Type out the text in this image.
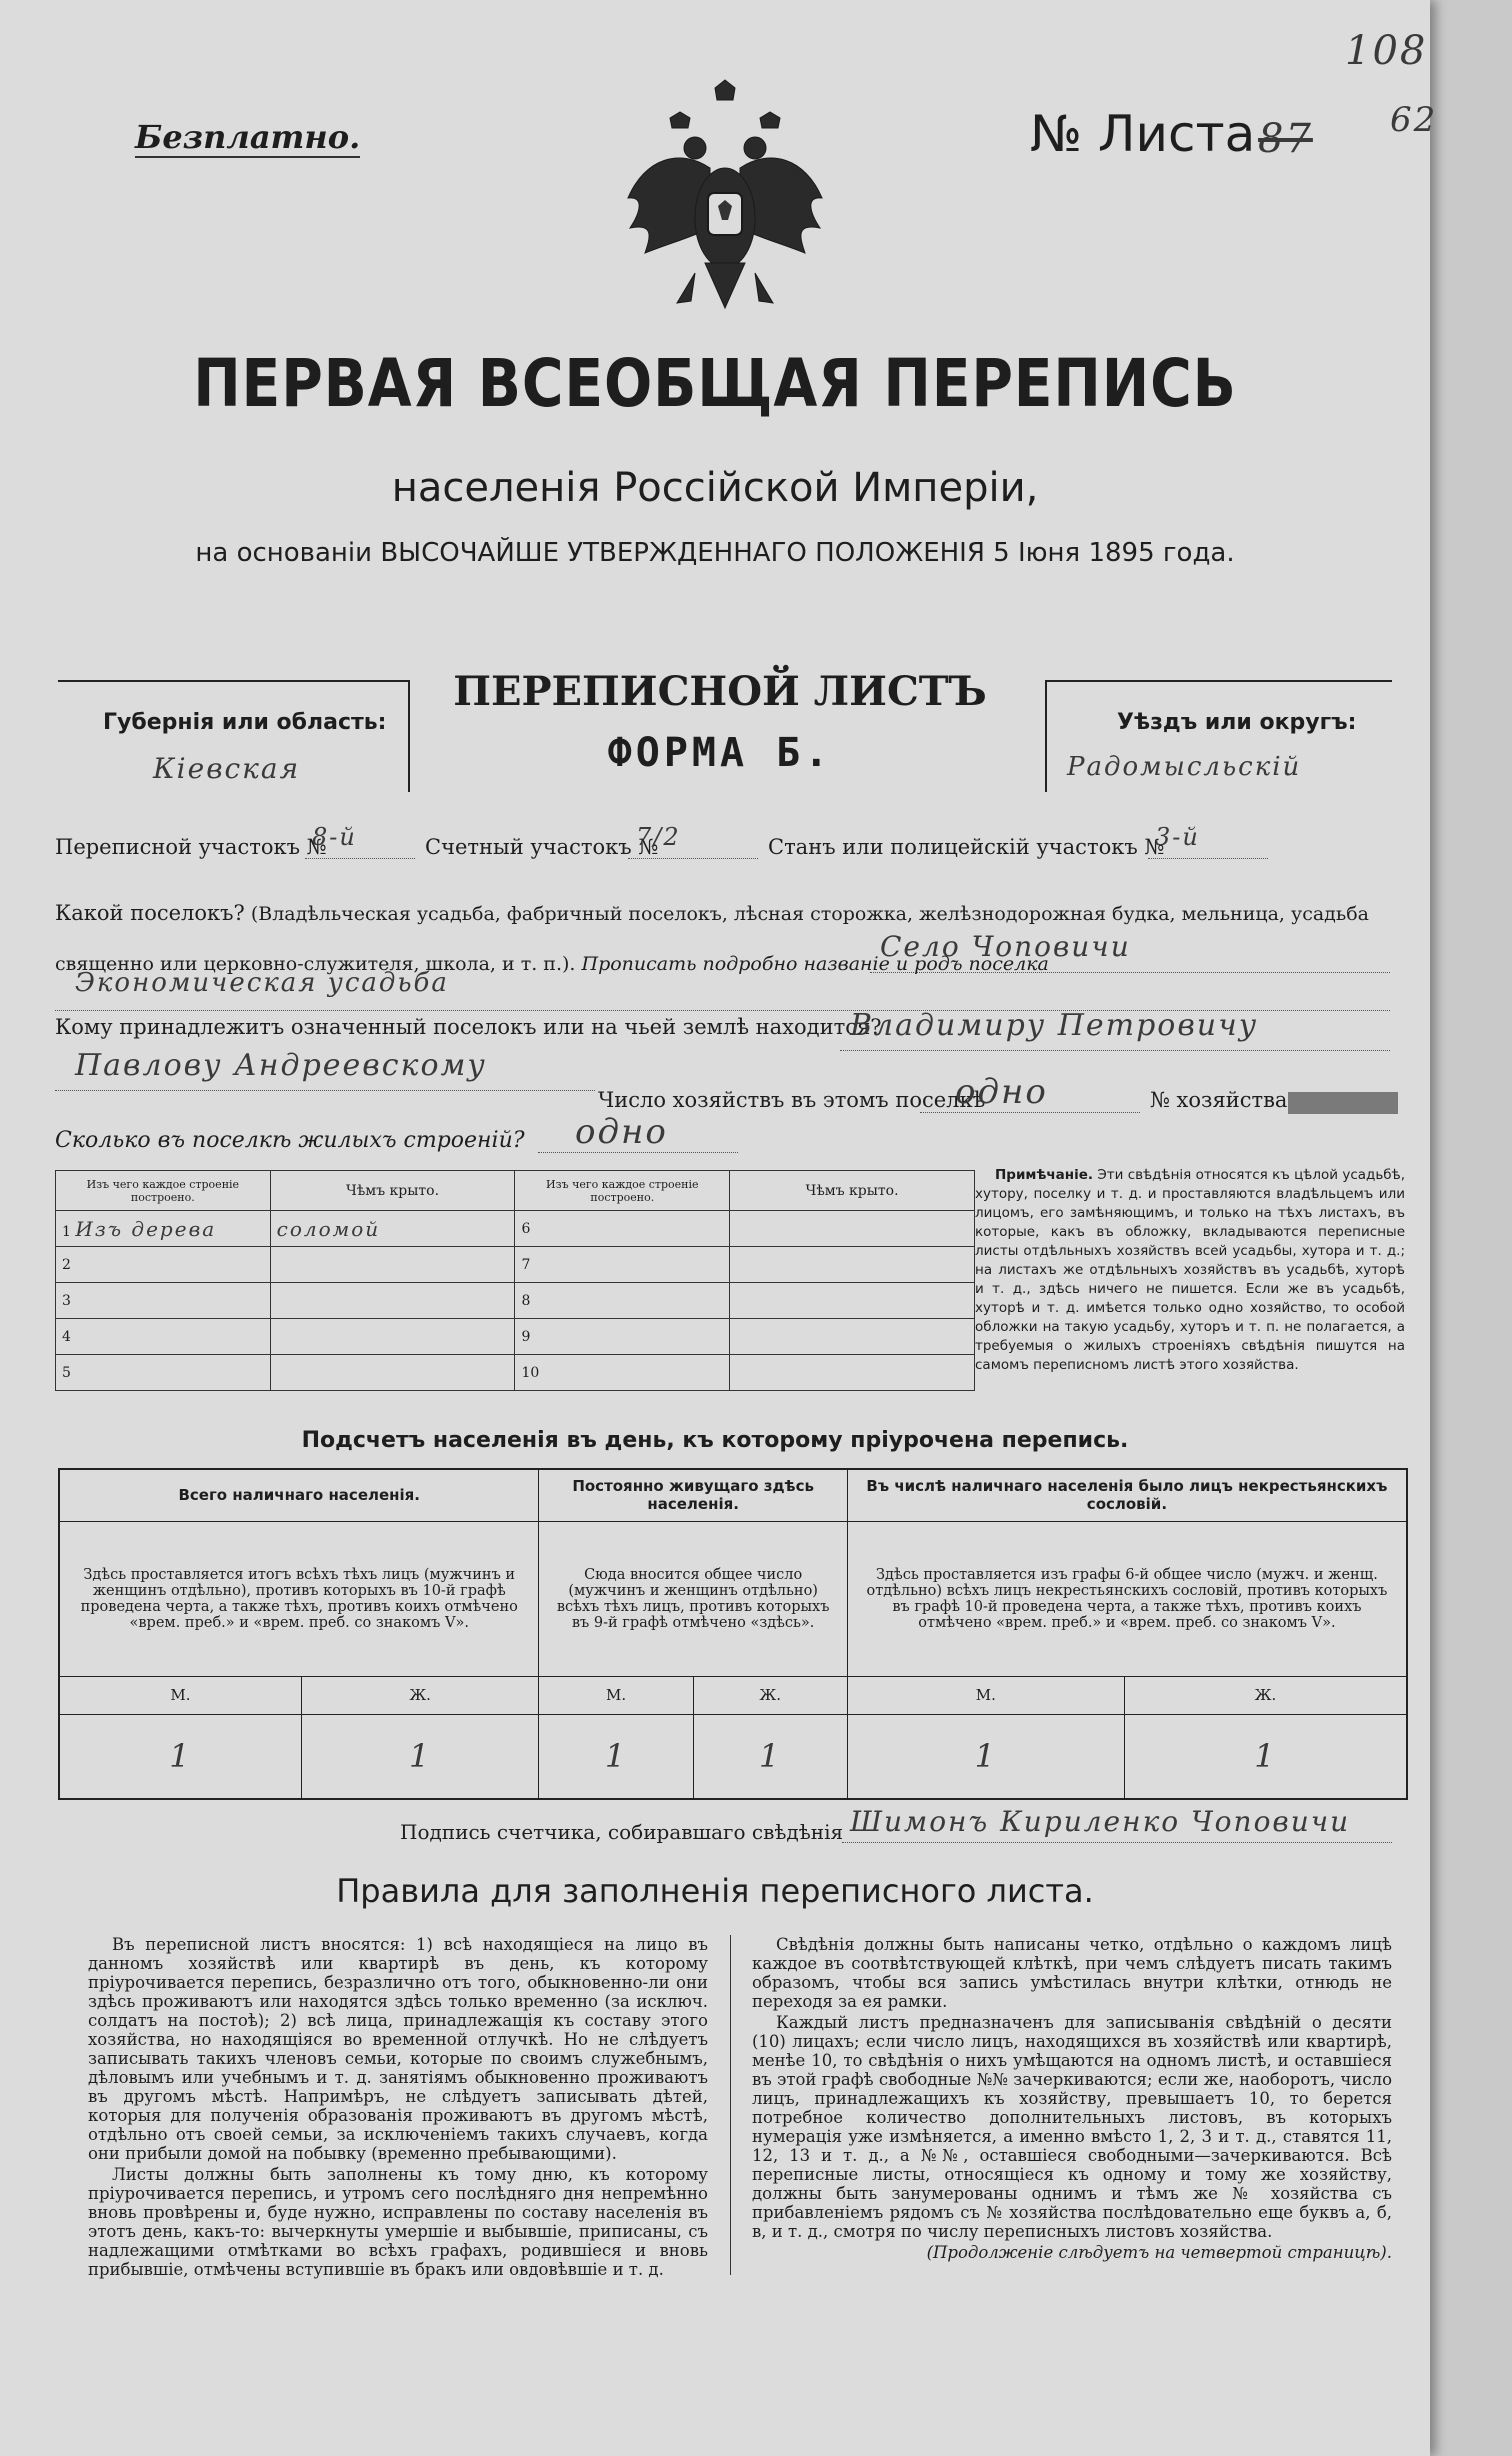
108
62
Безплатно.	№ Листа 87
ПЕРВАЯ ВСЕОБЩАЯ ПЕРЕПИСЬ
населенія Россійской Имперіи,
на основаніи ВЫСОЧАЙШЕ УТВЕРЖДЕННАГО ПОЛОЖЕНІЯ 5 Іюня 1895 года.
Губернія или область:
Кіевская
ПЕРЕПИСНОЙ ЛИСТЪ
ФОРМА Б.
Уѣздъ или округъ:
Радомысльскій
Переписной участокъ №
8-й	Счетный участокъ №
7/2	Станъ или полицейскій участокъ №
3-й
Какой поселокъ? (Владѣльческая усадьба, фабричный поселокъ, лѣсная сторожка, желѣзнодорожная будка, мельница, усадьба священно или церковно-служителя, школа, и т. п.). Прописать подробно названіе и родъ поселка
Село Чоповичи
Экономическая усадьба
Кому принадлежитъ означенный поселокъ или на чьей землѣ находится?
Владимиру Петровичу
Павлову Андреевскому
Число хозяйствъ въ этомъ поселкѣ
одно	№ хозяйства
Сколько въ поселкѣ жилыхъ строеній? одно
Изъ чего каждое строеніе построено.	Чѣмъ крыто.	Изъ чего каждое строеніе построено.	Чѣмъ крыто.
1 Изъ дерева	соломой	6	
2		7	
3		8	
4		9	
5		10	
Примѣчаніе. Эти свѣдѣнія относятся къ цѣлой усадьбѣ, хутору, поселку и т. д. и проставляются владѣльцемъ или лицомъ, его замѣняющимъ, и только на тѣхъ листахъ, въ которые, какъ въ обложку, вкладываются переписные листы отдѣльныхъ хозяйствъ всей усадьбы, хутора и т. д.; на листахъ же отдѣльныхъ хозяйствъ въ усадьбѣ, хуторѣ и т. д., здѣсь ничего не пишется. Если же въ усадьбѣ, хуторѣ и т. д. имѣется только одно хозяйство, то особой обложки на такую усадьбу, хуторъ и т. п. не полагается, а требуемыя о жилыхъ строеніяхъ свѣдѣнія пишутся на самомъ переписномъ листѣ этого хозяйства.
Подсчетъ населенія въ день, къ которому пріурочена перепись.
Всего наличнаго населенія.		Постоянно живущаго здѣсь населенія.		Въ числѣ наличнаго населенія было лицъ некрестьянскихъ сословій.	
Здѣсь проставляется итогъ всѣхъ тѣхъ лицъ (мужчинъ и женщинъ отдѣльно), противъ которыхъ въ 10-й графѣ проведена черта, а также тѣхъ, противъ коихъ отмѣчено «врем. преб.» и «врем. преб. со знакомъ V».		Сюда вносится общее число (мужчинъ и женщинъ отдѣльно) всѣхъ тѣхъ лицъ, противъ которыхъ въ 9-й графѣ отмѣчено «здѣсь».		Здѣсь проставляется изъ графы 6-й общее число (мужч. и женщ. отдѣльно) всѣхъ лицъ некрестьянскихъ сословій, противъ которыхъ въ графѣ 10-й проведена черта, а также тѣхъ, противъ коихъ отмѣчено «врем. преб.» и «врем. преб. со знакомъ V».	
М.	Ж.	М.	Ж.	М.	Ж.
1	1	1	1	1	1
Подпись счетчика, собиравшаго свѣдѣнія Шимонъ Кириленко Чоповичи
Правила для заполненія переписного листа.

Въ переписной листъ вносятся: 1) всѣ находящіеся на лицо въ данномъ хозяйствѣ или квартирѣ въ день, къ которому пріурочивается перепись, безразлично отъ того, обыкновенно-ли они здѣсь проживаютъ или находятся здѣсь только временно (за исключ. солдатъ на постоѣ); 2) всѣ лица, принадлежащія къ составу этого хозяйства, но находящіяся во временной отлучкѣ. Но не слѣдуетъ записывать такихъ членовъ семьи, которые по своимъ служебнымъ, дѣловымъ или учебнымъ и т. д. занятіямъ обыкновенно проживаютъ въ другомъ мѣстѣ. Напримѣръ, не слѣдуетъ записывать дѣтей, которыя для полученія образованія проживаютъ въ другомъ мѣстѣ, отдѣльно отъ своей семьи, за исключеніемъ такихъ случаевъ, когда они прибыли домой на побывку (временно пребывающими).

Листы должны быть заполнены къ тому дню, къ которому пріурочивается перепись, и утромъ сего послѣдняго дня непремѣнно вновь провѣрены и, буде нужно, исправлены по составу населенія въ этотъ день, какъ-то: вычеркнуты умершіе и выбывшіе, приписаны, съ надлежащими отмѣтками во всѣхъ графахъ, родившіеся и вновь прибывшіе, отмѣчены вступившіе въ бракъ или овдовѣвшіе и т. д.

Свѣдѣнія должны быть написаны четко, отдѣльно о каждомъ лицѣ каждое въ соотвѣтствующей клѣткѣ, при чемъ слѣдуетъ писать такимъ образомъ, чтобы вся запись умѣстилась внутри клѣтки, отнюдь не переходя за ея рамки.

Каждый листъ предназначенъ для записыванія свѣдѣній о десяти (10) лицахъ; если число лицъ, находящихся въ хозяйствѣ или квартирѣ, менѣе 10, то свѣдѣнія о нихъ умѣщаются на одномъ листѣ, и оставшіеся въ этой графѣ свободные №№ зачеркиваются; если же, наоборотъ, число лицъ, принадлежащихъ къ хозяйству, превышаетъ 10, то берется потребное количество дополнительныхъ листовъ, въ которыхъ нумерація уже измѣняется, а именно вмѣсто 1, 2, 3 и т. д., ставятся 11, 12, 13 и т. д., а №№, оставшіеся свободными—зачеркиваются. Всѣ переписные листы, относящіеся къ одному и тому же хозяйству, должны быть занумерованы однимъ и тѣмъ же № хозяйства съ прибавленіемъ рядомъ съ № хозяйства послѣдовательно еще буквъ а, б, в, и т. д., смотря по числу переписныхъ листовъ хозяйства.

(Продолженіе слѣдуетъ на четвертой страницѣ).
